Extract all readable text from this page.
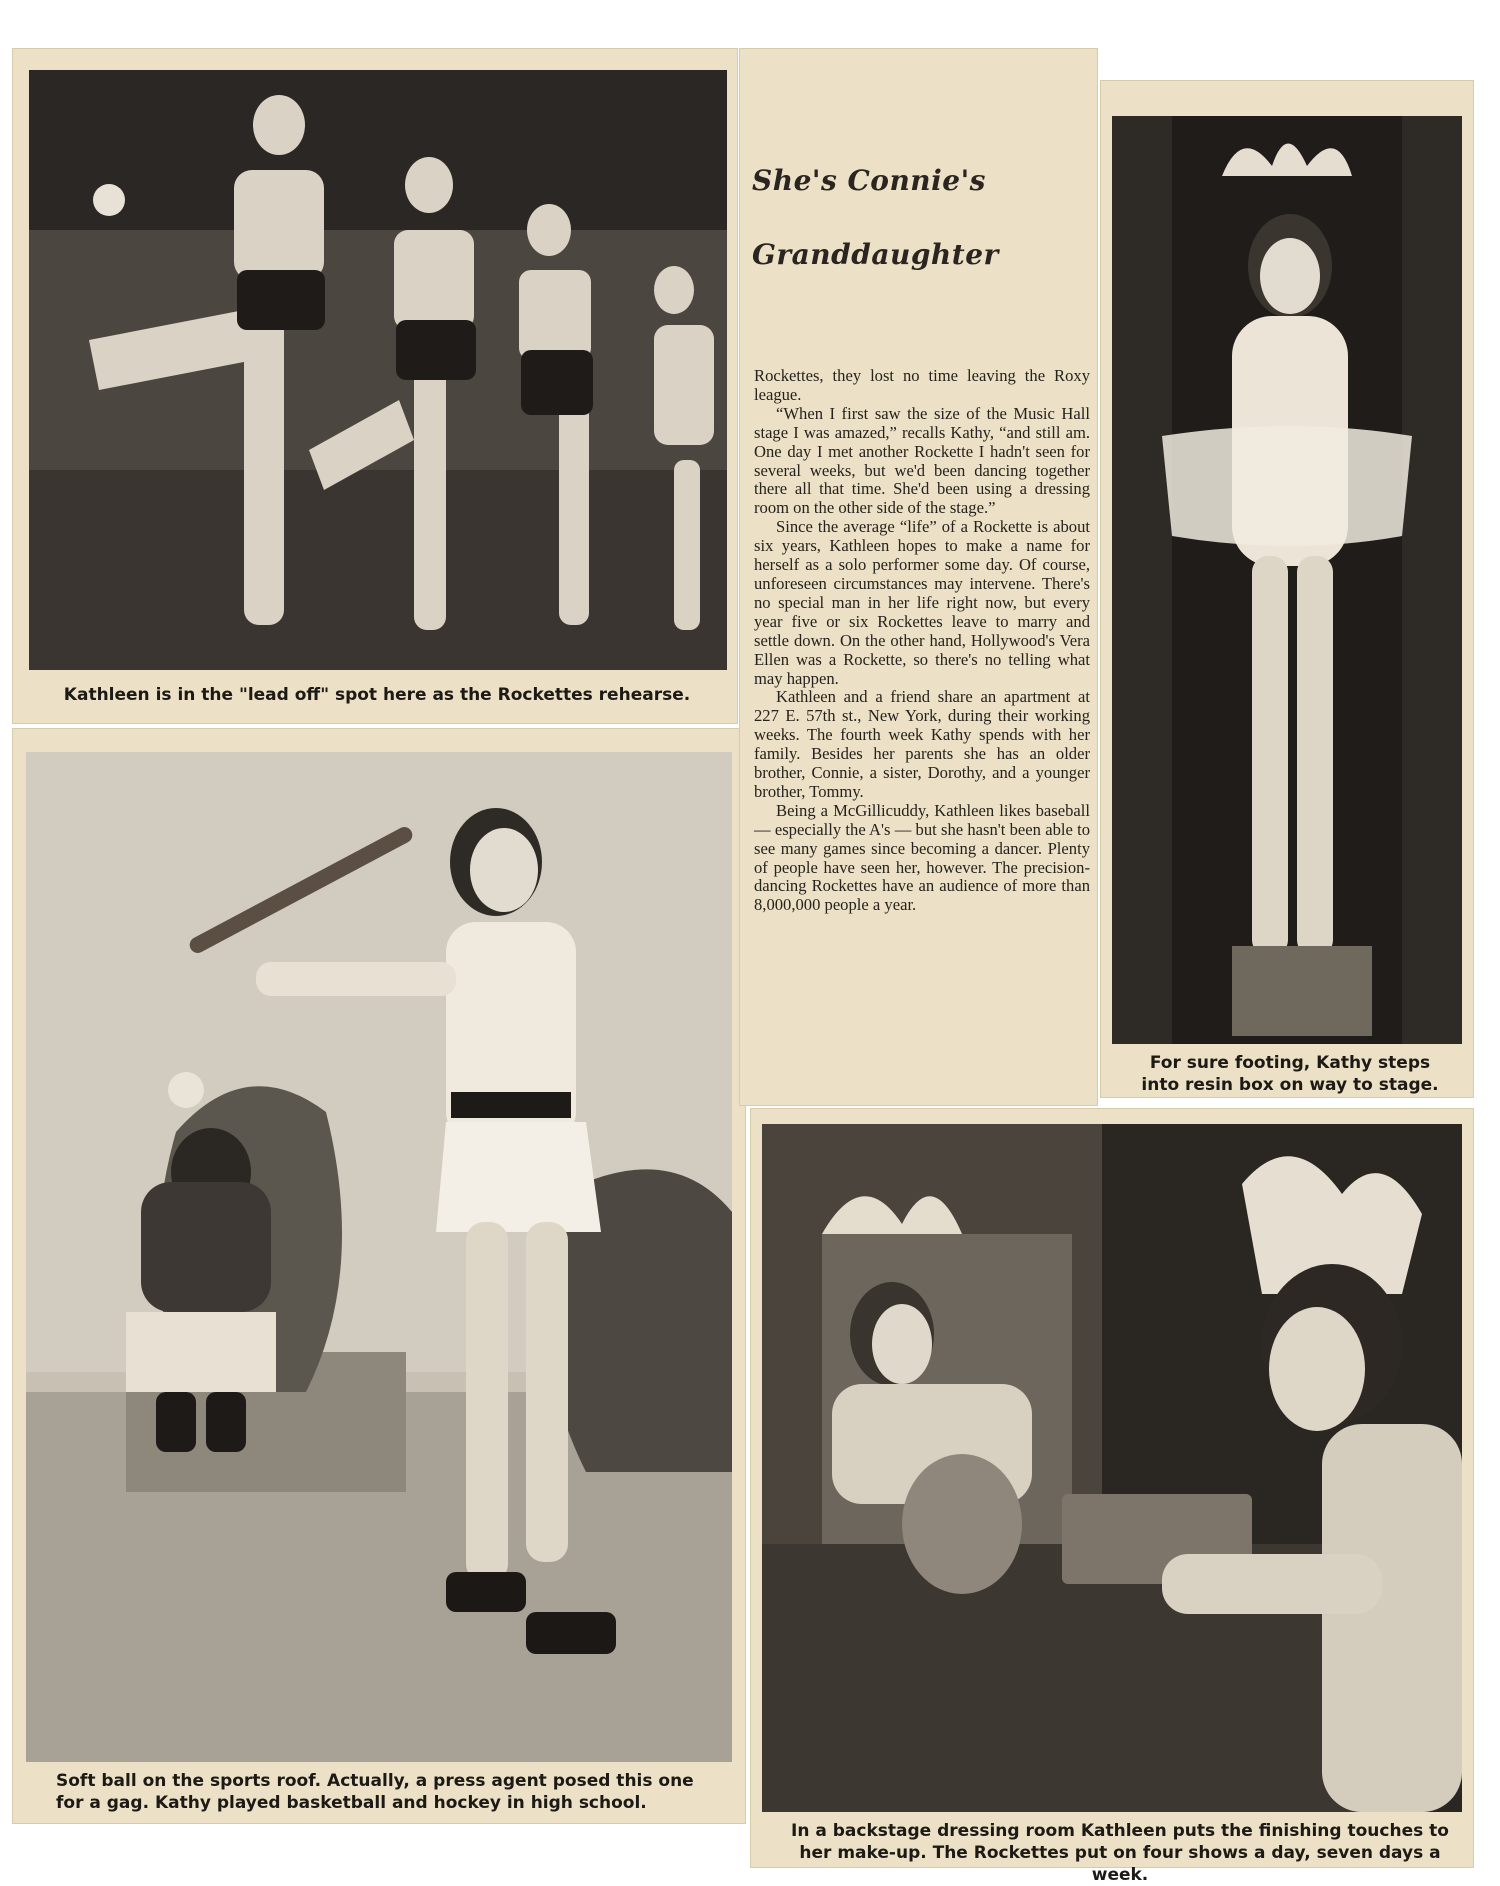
Kathleen is in the "lead off" spot here as the Rockettes rehearse.
Soft ball on the sports roof. Actually, a press agent posed this one for a gag. Kathy played basketball and hockey in high school.
She's Connie's
Granddaughter

Rockettes, they lost no time leaving the Roxy league.

“When I first saw the size of the Music Hall stage I was amazed,” recalls Kathy, “and still am. One day I met another Rockette I hadn't seen for several weeks, but we'd been dancing together there all that time. She'd been using a dressing room on the other side of the stage.”

Since the average “life” of a Rockette is about six years, Kathleen hopes to make a name for herself as a solo performer some day. Of course, unforeseen circumstances may intervene. There's no special man in her life right now, but every year five or six Rockettes leave to marry and settle down. On the other hand, Hollywood's Vera Ellen was a Rockette, so there's no telling what may happen.

Kathleen and a friend share an apartment at 227 E. 57th st., New York, during their working weeks. The fourth week Kathy spends with her family. Besides her parents she has an older brother, Connie, a sister, Dorothy, and a younger brother, Tommy.

Being a McGillicuddy, Kathleen likes baseball — especially the A's — but she hasn't been able to see many games since becoming a dancer. Plenty of people have seen her, however. The precision-dancing Rockettes have an audience of more than 8,000,000 people a year.

For sure footing, Kathy steps into resin box on way to stage.
In a backstage dressing room Kathleen puts the finishing touches to her make-up. The Rockettes put on four shows a day, seven days a week.
